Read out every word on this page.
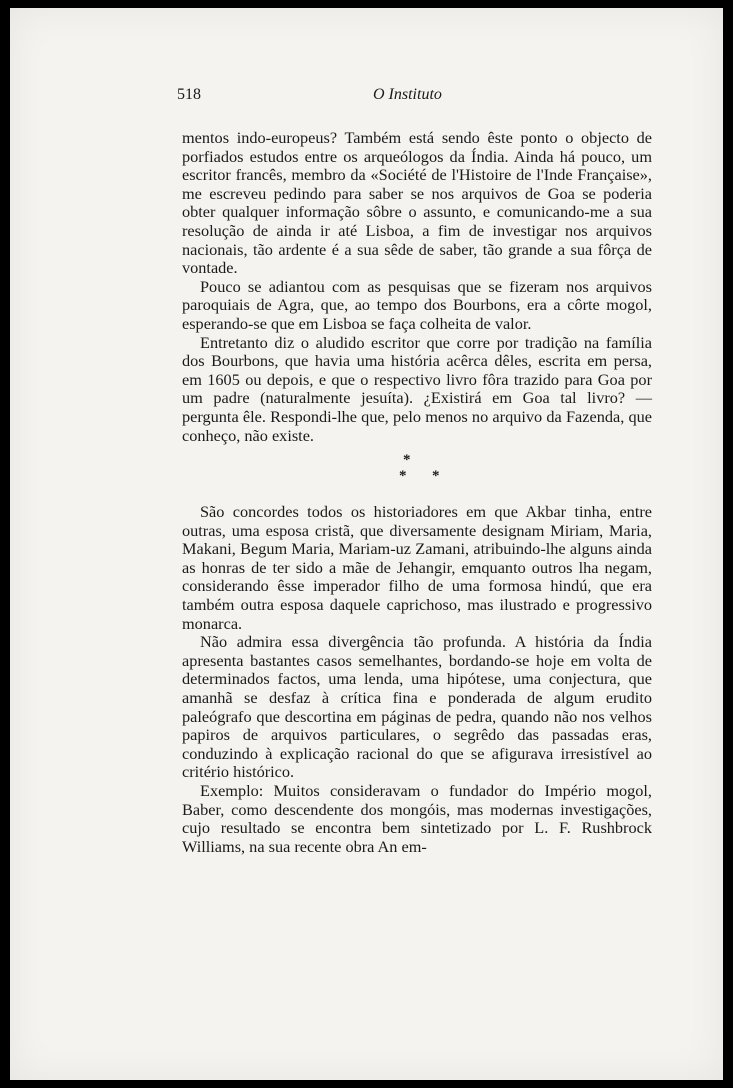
518	O Instituto

mentos indo-europeus? Também está sendo êste ponto o objecto de porfiados estudos entre os arqueólogos da Índia. Ainda há pouco, um escritor francês, membro da «Société de l'Histoire de l'Inde Française», me escreveu pedindo para saber se nos arquivos de Goa se poderia obter qualquer informação sôbre o assunto, e comunicando-me a sua resolução de ainda ir até Lisboa, a fim de investigar nos arquivos nacionais, tão ardente é a sua sêde de saber, tão grande a sua fôrça de vontade.

Pouco se adiantou com as pesquisas que se fizeram nos arquivos paroquiais de Agra, que, ao tempo dos Bourbons, era a côrte mogol, esperando-se que em Lisboa se faça colheita de valor.

Entretanto diz o aludido escritor que corre por tradição na família dos Bourbons, que havia uma história acêrca dêles, escrita em persa, em 1605 ou depois, e que o respectivo livro fôra trazido para Goa por um padre (naturalmente jesuíta). ¿Existirá em Goa tal livro? — pergunta êle. Respondi-lhe que, pelo menos no arquivo da Fazenda, que conheço, não existe.

*
* *

São concordes todos os historiadores em que Akbar tinha, entre outras, uma esposa cristã, que diversamente designam Miriam, Maria, Makani, Begum Maria, Mariam-uz Zamani, atribuindo-lhe alguns ainda as honras de ter sido a mãe de Jehangir, emquanto outros lha negam, considerando êsse imperador filho de uma formosa hindú, que era também outra esposa daquele caprichoso, mas ilustrado e progressivo monarca.

Não admira essa divergência tão profunda. A história da Índia apresenta bastantes casos semelhantes, bordando-se hoje em volta de determinados factos, uma lenda, uma hipótese, uma conjectura, que amanhã se desfaz à crítica fina e ponderada de algum erudito paleógrafo que descortina em páginas de pedra, quando não nos velhos papiros de arquivos particulares, o segrêdo das passadas eras, conduzindo à explicação racional do que se afigurava irresistível ao critério histórico.

Exemplo: Muitos consideravam o fundador do Império mogol, Baber, como descendente dos mongóis, mas modernas investigações, cujo resultado se encontra bem sintetizado por L. F. Rushbrock Williams, na sua recente obra An em-
